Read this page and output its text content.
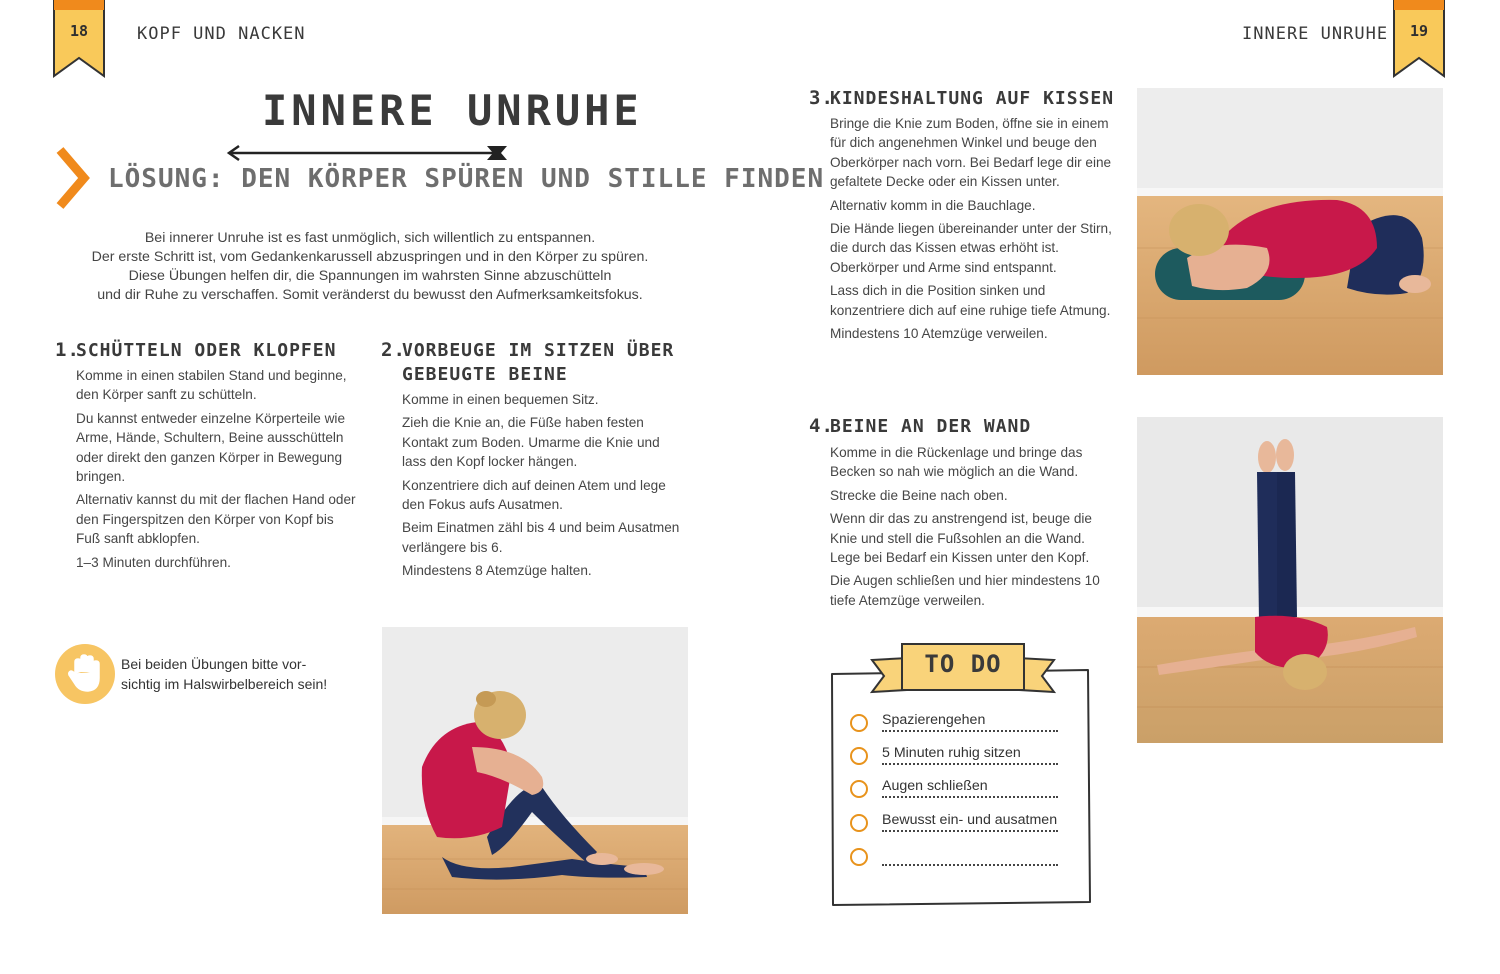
18	19
KOPF UND NACKEN	INNERE UNRUHE
INNERE UNRUHE
LÖSUNG: DEN KÖRPER SPÜREN UND STILLE FINDEN
Bei innerer Unruhe ist es fast unmöglich, sich willentlich zu entspannen.
Der erste Schritt ist, vom Gedankenkarussell abzuspringen und in den Körper zu spüren.
Diese Übungen helfen dir, die Spannungen im wahrsten Sinne abzuschütteln
und dir Ruhe zu verschaffen. Somit veränderst du bewusst den Aufmerksamkeitsfokus.
1.
SCHÜTTELN ODER KLOPFEN

Komme in einen stabilen Stand und beginne, den Körper sanft zu schütteln.

Du kannst entweder einzelne Körperteile wie Arme, Hände, Schultern, Beine ausschütteln oder direkt den ganzen Körper in Bewegung bringen.

Alternativ kannst du mit der flachen Hand oder den Fingerspitzen den Körper von Kopf bis Fuß sanft abklopfen.

1–3 Minuten durchführen.

2.
VORBEUGE IM SITZEN ÜBER
GEBEUGTE BEINE

Komme in einen bequemen Sitz.

Zieh die Knie an, die Füße haben festen Kontakt zum Boden. Umarme die Knie und lass den Kopf locker hängen.

Konzentriere dich auf deinen Atem und lege den Fokus aufs Ausatmen.

Beim Einatmen zähl bis 4 und beim Ausatmen verlängere bis 6.

Mindestens 8 Atemzüge halten.

Bei beiden Übungen bitte vor-
sichtig im Halswirbelbereich sein!
3.
KINDESHALTUNG AUF KISSEN

Bringe die Knie zum Boden, öffne sie in einem für dich angenehmen Winkel und beuge den Oberkörper nach vorn. Bei Bedarf lege dir eine gefaltete Decke oder ein Kissen unter.

Alternativ komm in die Bauchlage.

Die Hände liegen übereinander unter der Stirn, die durch das Kissen etwas erhöht ist. Oberkörper und Arme sind entspannt.

Lass dich in die Position sinken und konzentriere dich auf eine ruhige tiefe Atmung.

Mindestens 10 Atemzüge verweilen.

4.
BEINE AN DER WAND

Komme in die Rückenlage und bringe das Becken so nah wie möglich an die Wand.

Strecke die Beine nach oben.

Wenn dir das zu anstrengend ist, beuge die Knie und stell die Fußsohlen an die Wand. Lege bei Bedarf ein Kissen unter den Kopf.

Die Augen schließen und hier mindestens 10 tiefe Atemzüge verweilen.

TO DO
Spazierengehen
5 Minuten ruhig sitzen
Augen schließen
Bewusst ein- und ausatmen
